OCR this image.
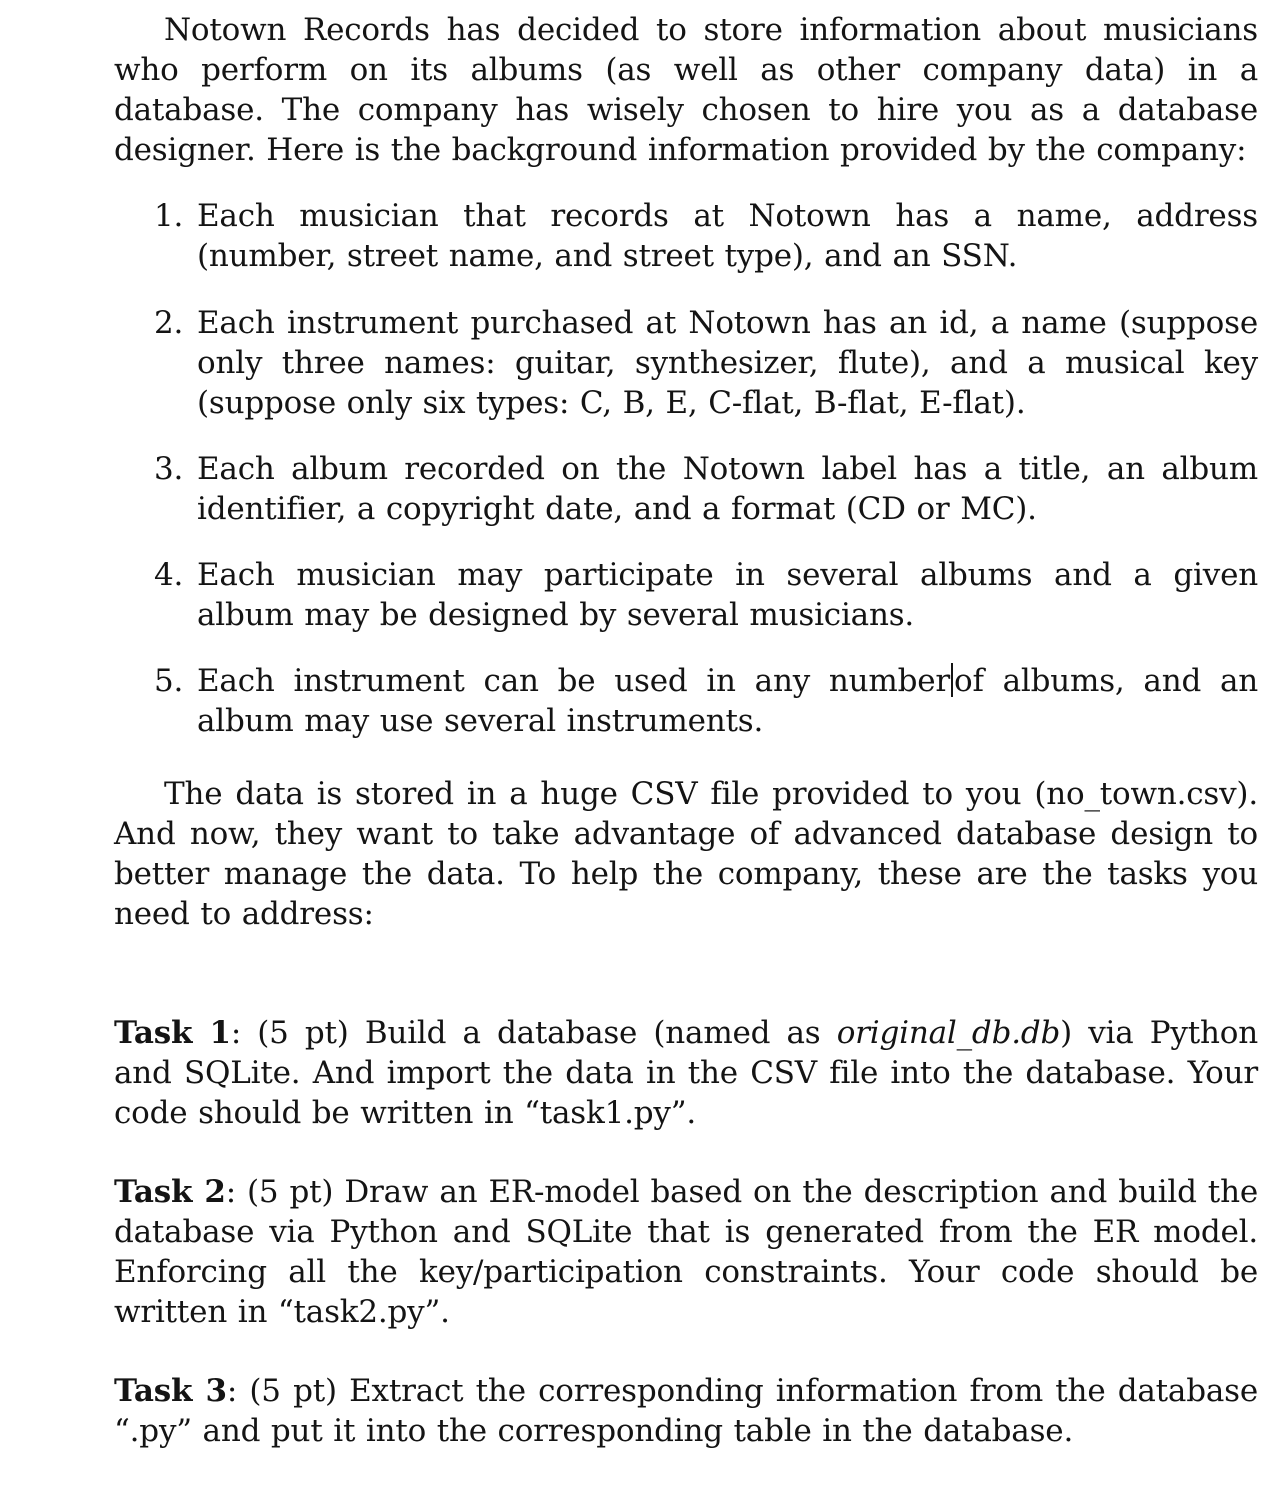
Notown Records has decided to store information about musicians who perform on its albums (as well as other company data) in a database. The company has wisely chosen to hire you as a database designer. Here is the background information provided by the company:

1. Each musician that records at Notown has a name, address (number, street name, and street type), and an SSN.
2. Each instrument purchased at Notown has an id, a name (suppose only three names: guitar, synthesizer, flute), and a musical key (suppose only six types: C, B, E, C-flat, B-flat, E-flat).
3. Each album recorded on the Notown label has a title, an album identifier, a copyright date, and a format (CD or MC).
4. Each musician may participate in several albums and a given album may be designed by several musicians.
5. Each instrument can be used in any number of albums, and an album may use several instruments.

The data is stored in a huge CSV file provided to you (no_town.csv). And now, they want to take advantage of advanced database design to better manage the data. To help the company, these are the tasks you need to address:

Task 1: (5 pt) Build a database (named as original_db.db) via Python and SQLite. And import the data in the CSV file into the database. Your code should be written in “task1.py”.

Task 2: (5 pt) Draw an ER-model based on the description and build the database via Python and SQLite that is generated from the ER model. Enforcing all the key/participation constraints. Your code should be written in “task2.py”.

Task 3: (5 pt) Extract the corresponding information from the database “.py” and put it into the corresponding table in the database.
